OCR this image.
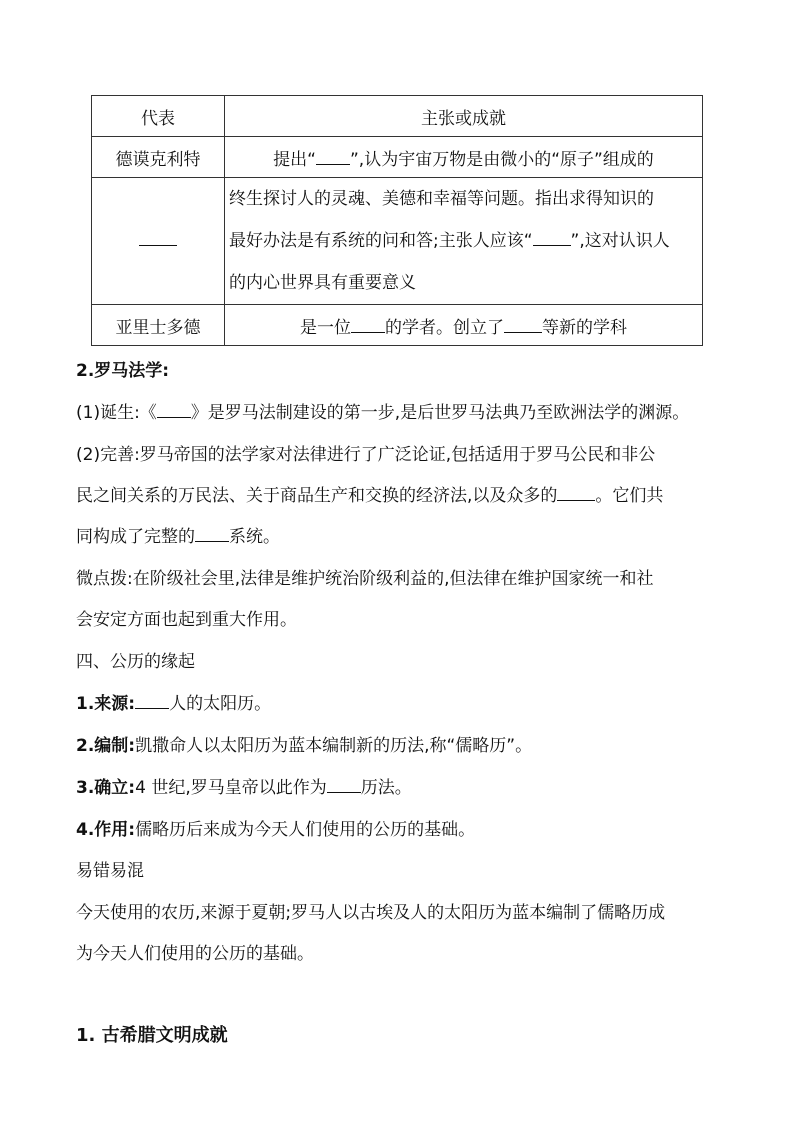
代表	主张或成就
德谟克利特	提出“ ”,认为宇宙万物是由微小的“原子”组成的

	终生探讨人的灵魂、美德和幸福等问题。指出求得知识的
最好办法是有系统的问和答;主张人应该“ ”,这对认识人
的内心世界具有重要意义

亚里士多德	是一位 的学者。创立了 等新的学科
2.罗马法学:
(1)诞生:《 》是罗马法制建设的第一步,是后世罗马法典乃至欧洲法学的渊源。
(2)完善:罗马帝国的法学家对法律进行了广泛论证,包括适用于罗马公民和非公
民之间关系的万民法、关于商品生产和交换的经济法,以及众多的 。它们共
同构成了完整的 系统。
微点拨:在阶级社会里,法律是维护统治阶级利益的,但法律在维护国家统一和社
会安定方面也起到重大作用。
四、公历的缘起
1.来源: 人的太阳历。
2.编制:凯撒命人以太阳历为蓝本编制新的历法,称“儒略历”。
3.确立:4 世纪,罗马皇帝以此作为 历法。
4.作用:儒略历后来成为今天人们使用的公历的基础。
易错易混
今天使用的农历,来源于夏朝;罗马人以古埃及人的太阳历为蓝本编制了儒略历成
为今天人们使用的公历的基础。
1. 古希腊文明成就
